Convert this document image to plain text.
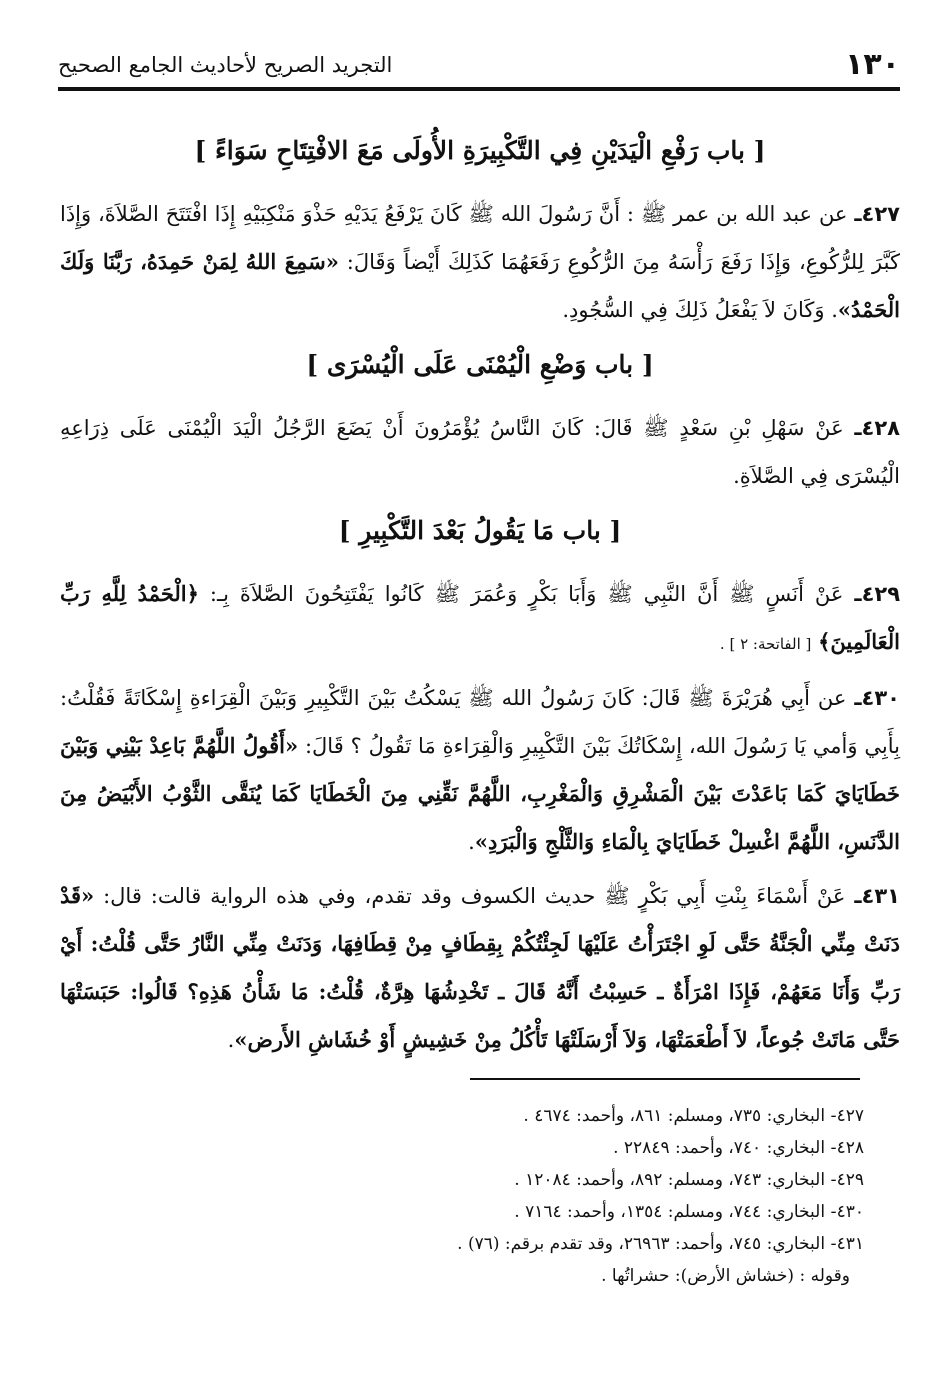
١٣٠
التجريد الصريح لأحاديث الجامع الصحيح
[ باب رَفْعِ الْيَدَيْنِ فِي التَّكْبِيرَةِ الأُولَى مَعَ الافْتِتَاحِ سَوَاءً ]

٤٢٧ـ عن عبد الله بن عمر ﷺ : أَنَّ رَسُولَ الله ﷺ كَانَ يَرْفَعُ يَدَيْهِ حَذْوَ مَنْكِبَيْهِ إِذَا افْتَتَحَ الصَّلاَةَ، وَإِذَا كَبَّرَ لِلرُّكُوعِ، وَإِذَا رَفَعَ رَأْسَهُ مِنَ الرُّكُوعِ رَفَعَهُمَا كَذَلِكَ أَيْضاً وَقَالَ: «سَمِعَ اللهُ لِمَنْ حَمِدَهُ، رَبَّنَا وَلَكَ الْحَمْدُ». وَكَانَ لاَ يَفْعَلُ ذَلِكَ فِي السُّجُودِ.

[ باب وَضْعِ الْيُمْنَى عَلَى الْيُسْرَى ]

٤٢٨ـ عَنْ سَهْلِ بْنِ سَعْدٍ ﷺ قَالَ: كَانَ النَّاسُ يُؤْمَرُونَ أَنْ يَضَعَ الرَّجُلُ الْيَدَ الْيُمْنَى عَلَى ذِرَاعِهِ الْيُسْرَى فِي الصَّلاَةِ.

[ باب مَا يَقُولُ بَعْدَ التَّكْبِيرِ ]

٤٢٩ـ عَنْ أَنَسٍ ﷺ أَنَّ النَّبِي ﷺ وَأَبَا بَكْرٍ وَعُمَرَ ﷺ كَانُوا يَفْتَتِحُونَ الصَّلاَةَ بِـ: ﴿الْحَمْدُ لِلَّهِ رَبِّ الْعَالَمِينَ﴾ [ الفاتحة: ٢ ] .

٤٣٠ـ عن أَبِي هُرَيْرَةَ ﷺ قَالَ: كَانَ رَسُولُ الله ﷺ يَسْكُتُ بَيْنَ التَّكْبِيرِ وَبَيْنَ الْقِرَاءةِ إِسْكَاتَةً فَقُلْتُ: بِأَبِي وَأمي يَا رَسُولَ الله، إِسْكَاتُكَ بَيْنَ التَّكْبِيرِ وَالْقِرَاءةِ مَا تَقُولُ ؟ قَالَ: «أَقُولُ اللَّهُمَّ بَاعِدْ بَيْنِي وَبَيْنَ خَطَايَايَ كَمَا بَاعَدْتَ بَيْنَ الْمَشْرِقِ وَالْمَغْرِبِ، اللَّهُمَّ نَقِّنِي مِنَ الْخَطَايَا كَمَا يُنَقَّى الثَّوْبُ الأَبْيَضُ مِنَ الدَّنَسِ، اللَّهُمَّ اغْسِلْ خَطَايَايَ بِالْمَاءِ وَالثَّلْجِ وَالْبَرَدِ».

٤٣١ـ عَنْ أَسْمَاءَ بِنْتِ أَبِي بَكْرٍ ﷺ حديث الكسوف وقد تقدم، وفي هذه الرواية قالت: قال: «قَدْ دَنَتْ مِنِّي الْجَنَّةُ حَتَّى لَوِ اجْتَرَأْتُ عَلَيْهَا لَجِئْتُكُمْ بِقِطَافٍ مِنْ قِطَافِهَا، وَدَنَتْ مِنِّي النَّارُ حَتَّى قُلْتُ: أَيْ رَبِّ وَأَنَا مَعَهُمْ، فَإِذَا امْرَأَةٌ ـ حَسِبْتُ أَنَّهُ قَالَ ـ تَخْدِشُهَا هِرَّةٌ، قُلْتُ: مَا شَأْنُ هَذِهِ؟ قَالُوا: حَبَسَتْهَا حَتَّى مَاتَتْ جُوعاً، لاَ أَطْعَمَتْهَا، وَلاَ أَرْسَلَتْهَا تَأْكُلُ مِنْ خَشِيشٍ أَوْ خُشَاشِ الأَرض».

٤٢٧- البخاري: ٧٣٥، ومسلم: ٨٦١، وأحمد: ٤٦٧٤ .
٤٢٨- البخاري: ٧٤٠، وأحمد: ٢٢٨٤٩ .
٤٢٩- البخاري: ٧٤٣، ومسلم: ٨٩٢، وأحمد: ١٢٠٨٤ .
٤٣٠- البخاري: ٧٤٤، ومسلم: ١٣٥٤، وأحمد: ٧١٦٤ .
٤٣١- البخاري: ٧٤٥، وأحمد: ٢٦٩٦٣، وقد تقدم برقم: (٧٦) .
وقوله : (خشاش الأرض): حشراتُها .
